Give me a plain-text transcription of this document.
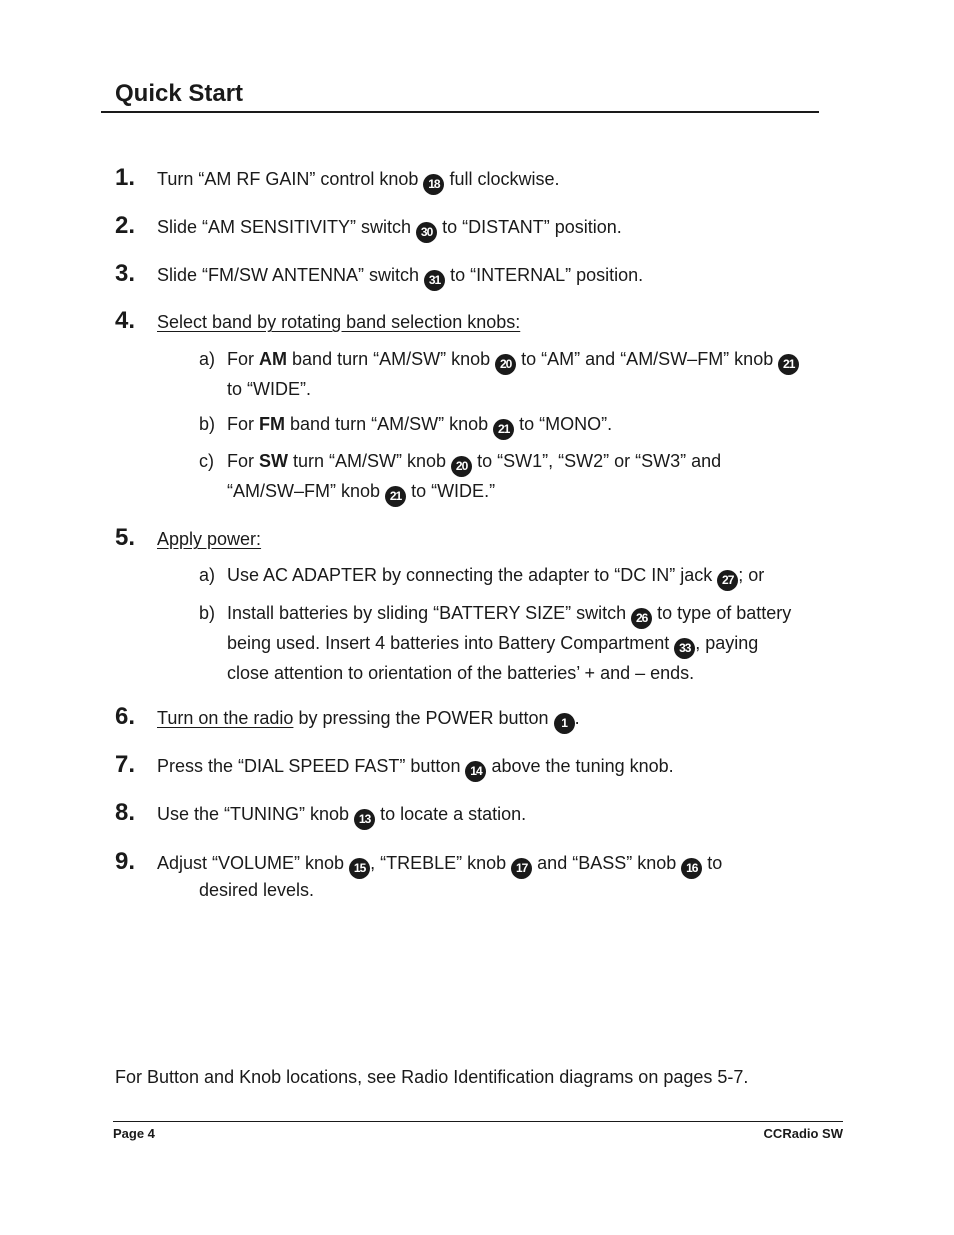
Quick Start
1. Turn “AM RF GAIN” control knob 18 full clockwise.
2. Slide “AM SENSITIVITY” switch 30 to “DISTANT” position.
3. Slide “FM/SW ANTENNA” switch 31 to “INTERNAL” position.
4. Select band by rotating band selection knobs:
a) For AM band turn “AM/SW” knob 20 to “AM” and “AM/SW–FM” knob 21
to “WIDE”.
b) For FM band turn “AM/SW” knob 21 to “MONO”.
c) For SW turn “AM/SW” knob 20 to “SW1”, “SW2” or “SW3” and
“AM/SW–FM” knob 21 to “WIDE.”
5. Apply power:
a) Use AC ADAPTER by connecting the adapter to “DC IN” jack 27 ; or
b) Install batteries by sliding “BATTERY SIZE” switch 26 to type of battery
being used. Insert 4 batteries into Battery Compartment 33 , paying
close attention to orientation of the batteries’ + and – ends.
6. Turn on the radio by pressing the POWER button 1 .
7. Press the “DIAL SPEED FAST” button 14 above the tuning knob.
8. Use the “TUNING” knob 13 to locate a station.
9. Adjust “VOLUME” knob 15 , “TREBLE” knob 17 and “BASS” knob 16 to
desired levels.
For Button and Knob locations, see Radio Identification diagrams on pages 5-7.
Page 4	CCRadio SW
